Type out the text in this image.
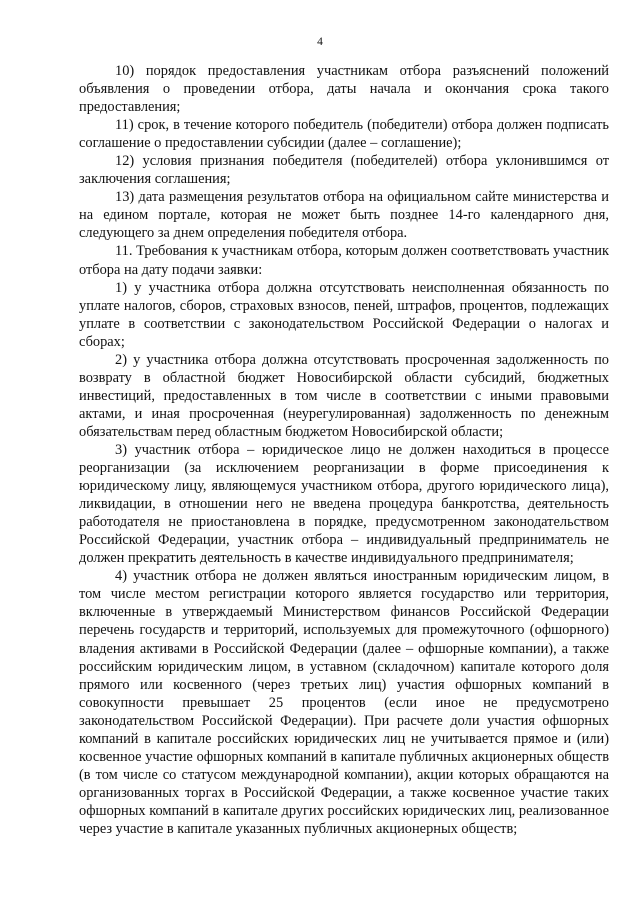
4

10) порядок предоставления участникам отбора разъяснений положений объявления о проведении отбора, даты начала и окончания срока такого предоставления;

11) срок, в течение которого победитель (победители) отбора должен подписать соглашение о предоставлении субсидии (далее – соглашение);

12) условия признания победителя (победителей) отбора уклонившимся от заключения соглашения;

13) дата размещения результатов отбора на официальном сайте министерства и на едином портале, которая не может быть позднее 14-го календарного дня, следующего за днем определения победителя отбора.

11. Требования к участникам отбора, которым должен соответствовать участник отбора на дату подачи заявки:

1) у участника отбора должна отсутствовать неисполненная обязанность по уплате налогов, сборов, страховых взносов, пеней, штрафов, процентов, подлежащих уплате в соответствии с законодательством Российской Федерации о налогах и сборах;

2) у участника отбора должна отсутствовать просроченная задолженность по возврату в областной бюджет Новосибирской области субсидий, бюджетных инвестиций, предоставленных в том числе в соответствии с иными правовыми актами, и иная просроченная (неурегулированная) задолженность по денежным обязательствам перед областным бюджетом Новосибирской области;

3) участник отбора – юридическое лицо не должен находиться в процессе реорганизации (за исключением реорганизации в форме присоединения к юридическому лицу, являющемуся участником отбора, другого юридического лица), ликвидации, в отношении него не введена процедура банкротства, деятельность работодателя не приостановлена в порядке, предусмотренном законодательством Российской Федерации, участник отбора – индивидуальный предприниматель не должен прекратить деятельность в качестве индивидуального предпринимателя;

4) участник отбора не должен являться иностранным юридическим лицом, в том числе местом регистрации которого является государство или территория, включенные в утверждаемый Министерством финансов Российской Федерации перечень государств и территорий, используемых для промежуточного (офшорного) владения активами в Российской Федерации (далее – офшорные компании), а также российским юридическим лицом, в уставном (складочном) капитале которого доля прямого или косвенного (через третьих лиц) участия офшорных компаний в совокупности превышает 25 процентов (если иное не предусмотрено законодательством Российской Федерации). При расчете доли участия офшорных компаний в капитале российских юридических лиц не учитывается прямое и (или) косвенное участие офшорных компаний в капитале публичных акционерных обществ (в том числе со статусом международной компании), акции которых обращаются на организованных торгах в Российской Федерации, а также косвенное участие таких офшорных компаний в капитале других российских юридических лиц, реализованное через участие в капитале указанных публичных акционерных обществ;
